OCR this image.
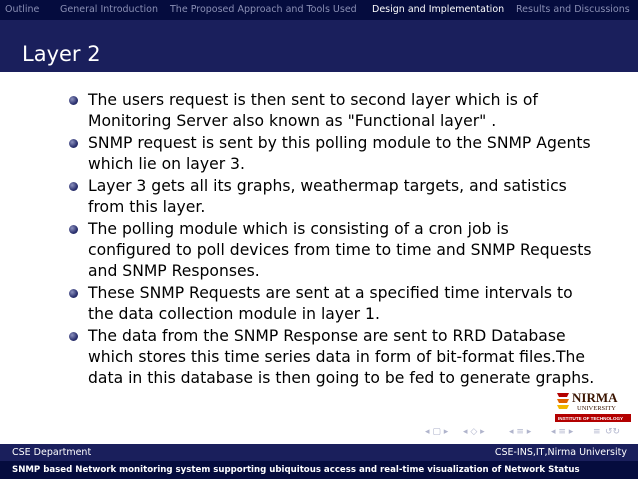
Outline General Introduction The Proposed Approach and Tools Used Design and Implementation Results and Discussions
Layer 2
The users request is then sent to second layer which is of Monitoring Server also known as "Functional layer" .
SNMP request is sent by this polling module to the SNMP Agents which lie on layer 3.
Layer 3 gets all its graphs, weathermap targets, and satistics from this layer.
The polling module which is consisting of a cron job is configured to poll devices from time to time and SNMP Requests and SNMP Responses.
These SNMP Requests are sent at a specified time intervals to the data collection module in layer 1.
The data from the SNMP Response are sent to RRD Database which stores this time series data in form of bit-format files.The data in this database is then going to be fed to generate graphs.
NIRMA
UNIVERSITY
INSTITUTE OF TECHNOLOGY
◂ ▢ ▸ ◂ ◇ ▸	◂ ≡ ▸ ◂ ≡ ▸ ≡ ↺↻
CSE Department	CSE-INS,IT,Nirma University
SNMP based Network monitoring system supporting ubiquitous access and real-time visualization of Network Status
